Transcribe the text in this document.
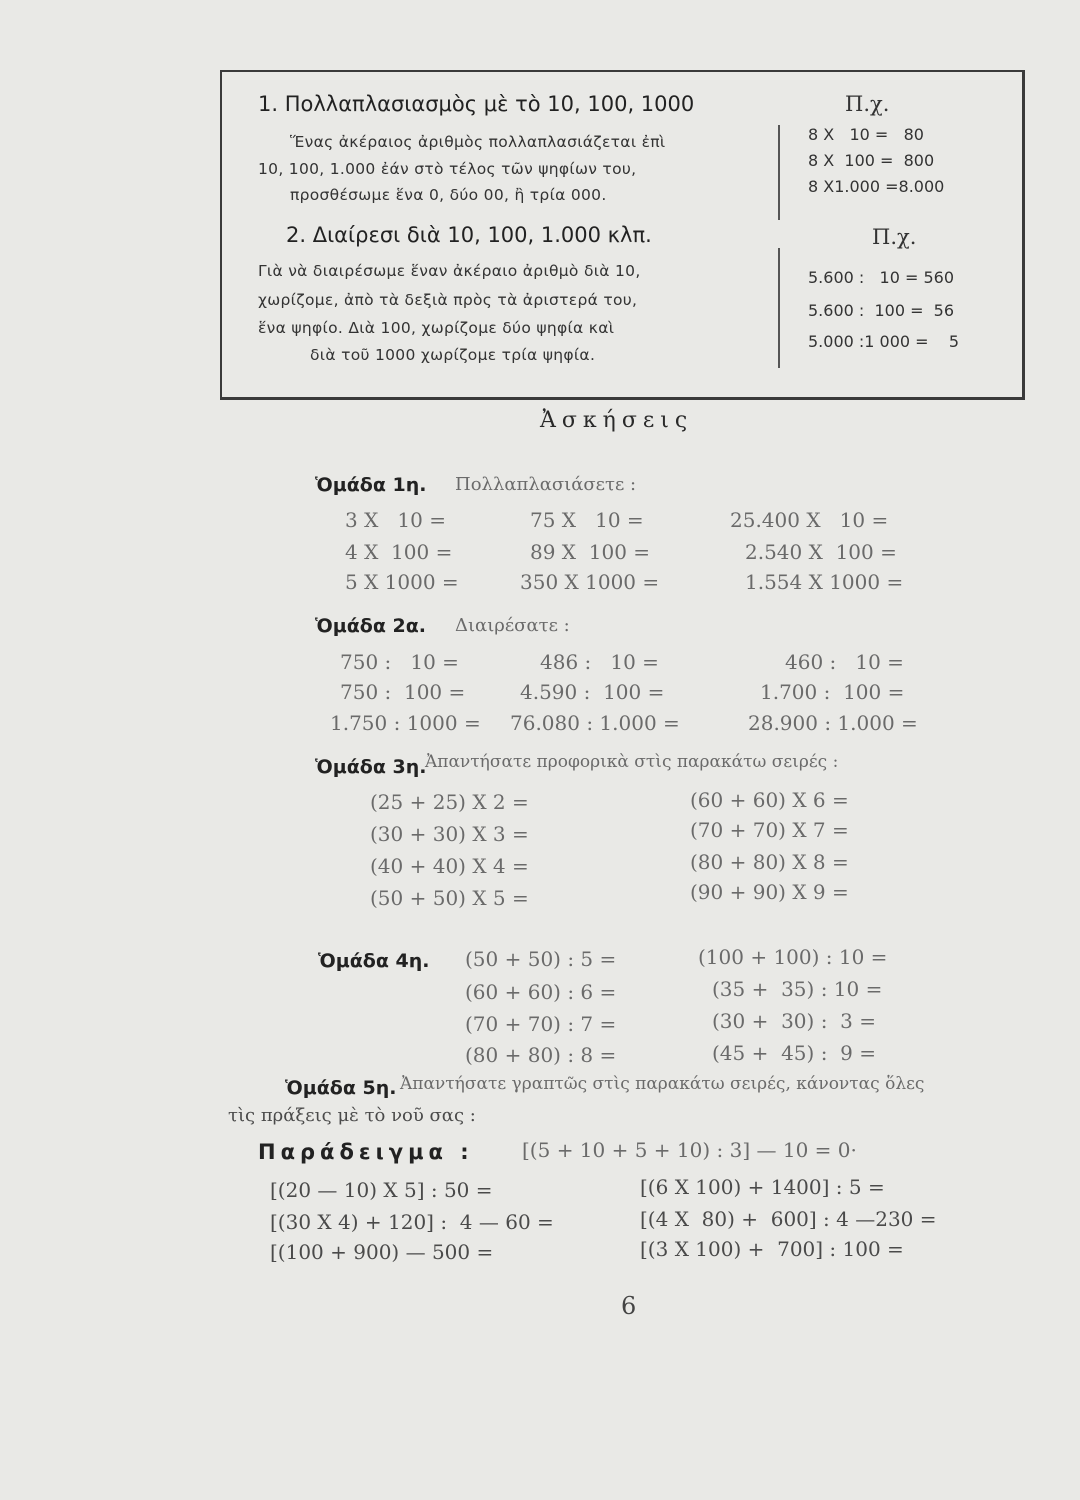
1. Πολλαπλασιασμὸς μὲ τὸ 10, 100, 1000
Ἕνας ἀκέραιος ἀριθμὸς πολλαπλασιάζεται ἐπὶ
10, 100, 1.000 ἐάν στὸ τέλος τῶν ψηφίων του,
προσθέσωμε ἕνα 0, δύο 00, ἢ τρία 000.
2. Διαίρεσι διὰ 10, 100, 1.000 κλπ.
Γιὰ νὰ διαιρέσωμε ἕναν ἀκέραιο ἀριθμὸ διὰ 10,
χωρίζομε, ἀπὸ τὰ δεξιὰ πρὸς τὰ ἀριστερά του,
ἕνα ψηφίο. Διὰ 100, χωρίζομε δύο ψηφία καὶ
διὰ τοῦ 1000 χωρίζομε τρία ψηφία.
Π.χ.
8 X   10 =   80
8 X  100 =  800
8 X1.000 =8.000
Π.χ.
5.600 :   10 = 560
5.600 :  100 =  56
5.000 :1 000 =    5
Ἀσκήσεις
Ὁμάδα 1η. Πολλαπλασιάσετε :
3 X   10 =	75 X   10 =	25.400 X   10 =
4 X  100 =	89 X  100 =	2.540 X  100 =
5 X 1000 =	350 X 1000 =	1.554 X 1000 =
Ὁμάδα 2α. Διαιρέσατε :
750 :   10 =	486 :   10 =	460 :   10 =
750 :  100 =	4.590 :  100 =	1.700 :  100 =
1.750 : 1000 = 76.080 : 1.000 =	28.900 : 1.000 =
Ὁμάδα 3η.
Ἀπαντήσατε προφορικὰ στὶς παρακάτω σειρές :
(25 + 25) X 2 =	(60 + 60) X 6 =
(30 + 30) X 3 =	(70 + 70) X 7 =
(40 + 40) X 4 =	(80 + 80) X 8 =
(50 + 50) X 5 =	(90 + 90) X 9 =
Ὁμάδα 4η. (50 + 50) : 5 =	(100 + 100) : 10 =
(60 + 60) : 6 =	(35 +  35) : 10 =
(70 + 70) : 7 =	(30 +  30) :  3 =
(80 + 80) : 8 =	(45 +  45) :  9 =
Ὁμάδα 5η. Ἀπαντήσατε γραπτῶς στὶς παρακάτω σειρές, κάνοντας ὅλες
τὶς πράξεις μὲ τὸ νοῦ σας :
Παράδειγμα : [(5 + 10 + 5 + 10) : 3] — 10 = 0·
[(20 — 10) X 5] : 50 =	[(6 X 100) + 1400] : 5 =
[(30 X 4) + 120] :  4 — 60 =	[(4 X  80) +  600] : 4 —230 =
[(100 + 900) — 500 =	[(3 X 100) +  700] : 100 =
6
